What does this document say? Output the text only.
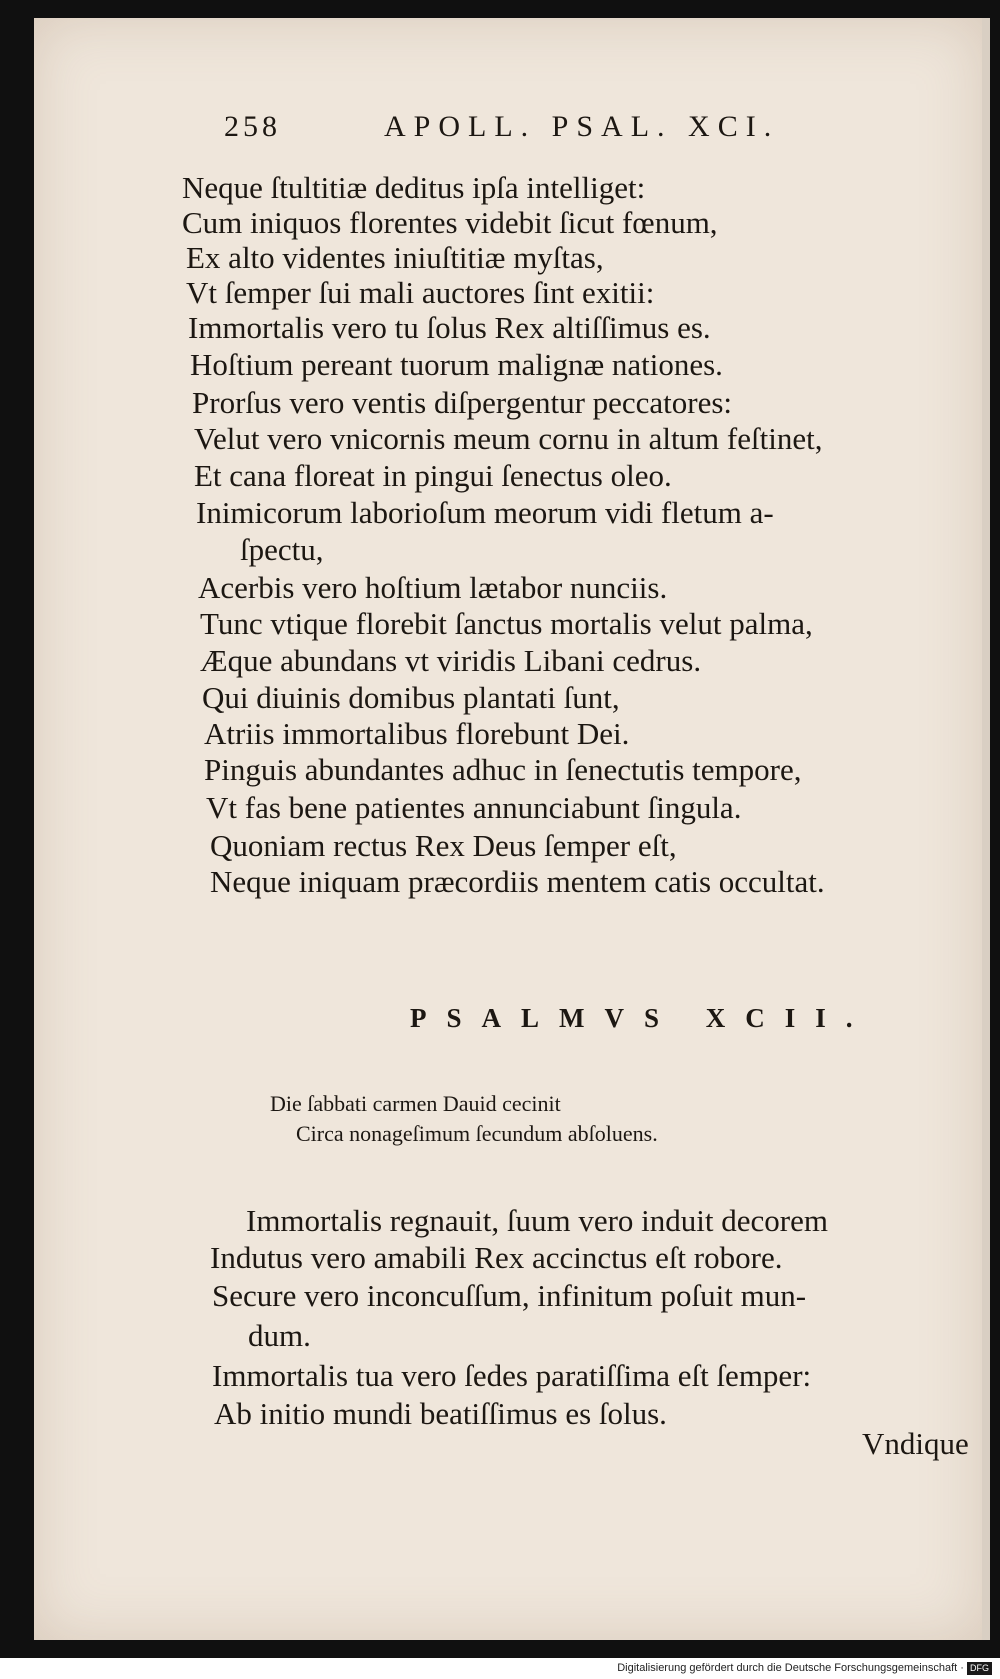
258	APOLL. PSAL. XCI.
Neque ſtultitiæ deditus ipſa intelliget:
Cum iniquos florentes videbit ſicut fœnum,
Ex alto videntes iniuſtitiæ myſtas,
Vt ſemper ſui mali auctores ſint exitii:
Immortalis vero tu ſolus Rex altiſſimus es.
Hoſtium pereant tuorum malignæ nationes.
Prorſus vero ventis diſpergentur peccatores:
Velut vero vnicornis meum cornu in altum feſtinet,
Et cana floreat in pingui ſenectus oleo.
Inimicorum laborioſum meorum vidi fletum a-
ſpectu,
Acerbis vero hoſtium lætabor nunciis.
Tunc vtique florebit ſanctus mortalis velut palma,
Æque abundans vt viridis Libani cedrus.
Qui diuinis domibus plantati ſunt,
Atriis immortalibus florebunt Dei.
Pinguis abundantes adhuc in ſenectutis tempore,
Vt fas bene patientes annunciabunt ſingula.
Quoniam rectus Rex Deus ſemper eſt,
Neque iniquam præcordiis mentem catis occultat.
PSALMVS XCII.
Die ſabbati carmen Dauid cecinit
Circa nonageſimum ſecundum abſoluens.
Immortalis regnauit, ſuum vero induit decorem
Indutus vero amabili Rex accinctus eſt robore.
Secure vero inconcuſſum, infinitum poſuit mun-
dum.
Immortalis tua vero ſedes paratiſſima eſt ſemper:
Ab initio mundi beatiſſimus es ſolus.
Vndique
Digitalisierung gefördert durch die Deutsche Forschungsgemeinschaft · DFG
